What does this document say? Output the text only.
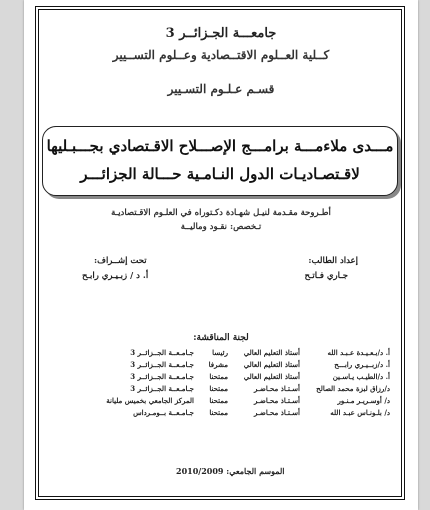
جامعـــة الجـزائــر 3
كــلية العــلوم الاقتــصادية وعــلوم التســيير
قسـم عـلـوم التسـيير
مـــدى ملاءمـــة برامـــج الإصـــلاح الاقـتصادي بجـــبـليها
لاقـتصـاديـات الدول النـامـية حـــالة الجزائـــر
أطـروحة مقـدمة لنيـل شهـادة دكـتوراه في العلـوم الاقـتصاديـة
تـخصص: نقـود وماليــة
إعداد الطالب:
جـاري فـاتـح
تحت إشــراف:
أ. د / زبـيـري رابـح
لجنة المناقشة:
أ. د/بـعـيـدة عـبـد الله	أستاذ التعليم العالي	رئيسا	جـامـعــة الجــزائــر 3
أ. د/زبــيـري رابـــح	أستاذ التعليم العالي	مشرفا	جـامـعــة الجــزائــر 3
أ. د/الطيـب يـاسـين	أستاذ التعليم العالي	ممتحنا	جـامـعــة الجــزائــر 3
د/رزاق لبزة محمد الصالح	أسـتـاذ محـاضـر	ممتحنا	جـامـعــة الجــزائــر 3
د/ أوسـريـر مـنـور	أسـتـاذ محـاضـر	ممتحنا	المركز الجامعي بخميس مليانة
د/ بلـونـاس عبـد الله	أسـتـاذ محـاضـر	ممتحنا	جـامـعــة بــومـرداس
الموسم الجامعي: 2010/2009
